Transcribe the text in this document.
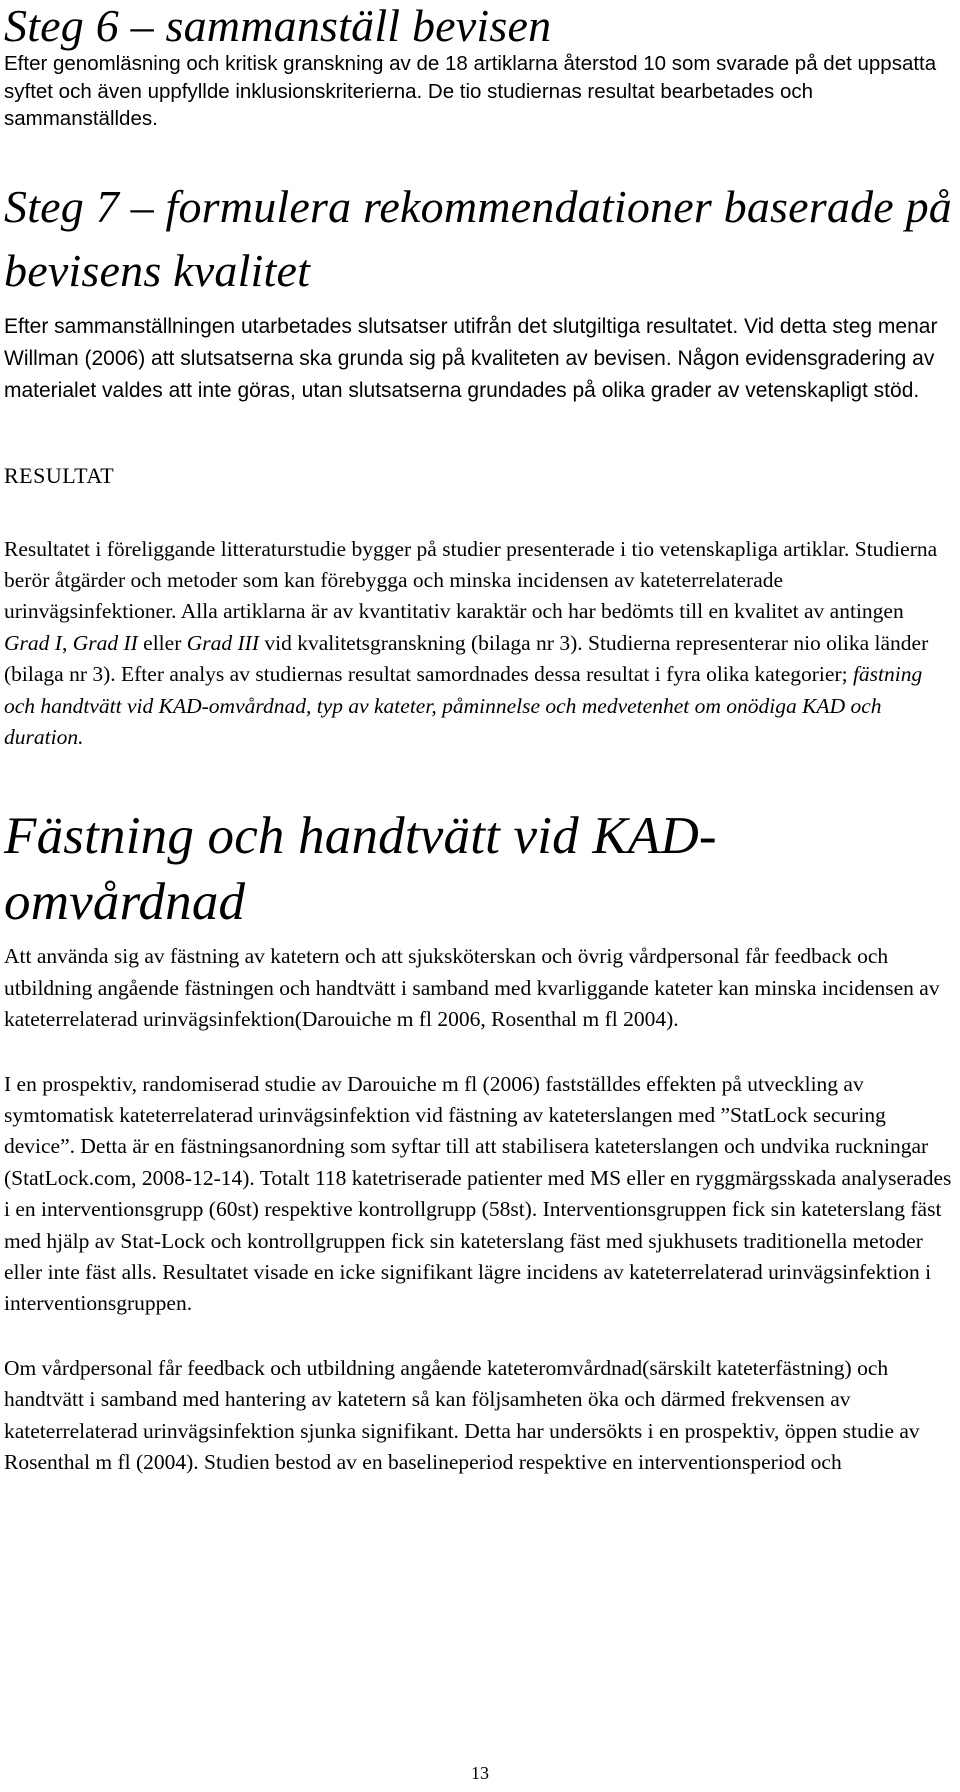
Steg 6 – sammanställ bevisen

Efter genomläsning och kritisk granskning av de 18 artiklarna återstod 10 som svarade på det uppsatta syftet och även uppfyllde inklusionskriterierna. De tio studiernas resultat bearbetades och sammanställdes.

Steg 7 – formulera rekommendationer baserade på bevisens kvalitet

Efter sammanställningen utarbetades slutsatser utifrån det slutgiltiga resultatet. Vid detta steg menar Willman (2006) att slutsatserna ska grunda sig på kvaliteten av bevisen. Någon evidensgradering av materialet valdes att inte göras, utan slutsatserna grundades på olika grader av vetenskapligt stöd.

RESULTAT

Resultatet i föreliggande litteraturstudie bygger på studier presenterade i tio vetenskapliga artiklar. Studierna berör åtgärder och metoder som kan förebygga och minska incidensen av kateterrelaterade urinvägsinfektioner. Alla artiklarna är av kvantitativ karaktär och har bedömts till en kvalitet av antingen Grad I, Grad II eller Grad III vid kvalitetsgranskning (bilaga nr 3). Studierna representerar nio olika länder (bilaga nr 3). Efter analys av studiernas resultat samordnades dessa resultat i fyra olika kategorier; fästning och handtvätt vid KAD-omvårdnad, typ av kateter, påminnelse och medvetenhet om onödiga KAD och duration.

Fästning och handtvätt vid KAD-omvårdnad

Att använda sig av fästning av katetern och att sjuksköterskan och övrig vårdpersonal får feedback och utbildning angående fästningen och handtvätt i samband med kvarliggande kateter kan minska incidensen av kateterrelaterad urinvägsinfektion(Darouiche m fl 2006, Rosenthal m fl 2004).

I en prospektiv, randomiserad studie av Darouiche m fl (2006) fastställdes effekten på utveckling av symtomatisk kateterrelaterad urinvägsinfektion vid fästning av kateterslangen med ”StatLock securing device”. Detta är en fästningsanordning som syftar till att stabilisera kateterslangen och undvika ruckningar (StatLock.com, 2008-12-14). Totalt 118 katetriserade patienter med MS eller en ryggmärgsskada analyserades i en interventionsgrupp (60st) respektive kontrollgrupp (58st). Interventionsgruppen fick sin kateterslang fäst med hjälp av Stat-Lock och kontrollgruppen fick sin kateterslang fäst med sjukhusets traditionella metoder eller inte fäst alls. Resultatet visade en icke signifikant lägre incidens av kateterrelaterad urinvägsinfektion i interventionsgruppen.

Om vårdpersonal får feedback och utbildning angående kateteromvårdnad(särskilt kateterfästning) och handtvätt i samband med hantering av katetern så kan följsamheten öka och därmed frekvensen av kateterrelaterad urinvägsinfektion sjunka signifikant. Detta har undersökts i en prospektiv, öppen studie av Rosenthal m fl (2004). Studien bestod av en baselineperiod respektive en interventionsperiod och

13
